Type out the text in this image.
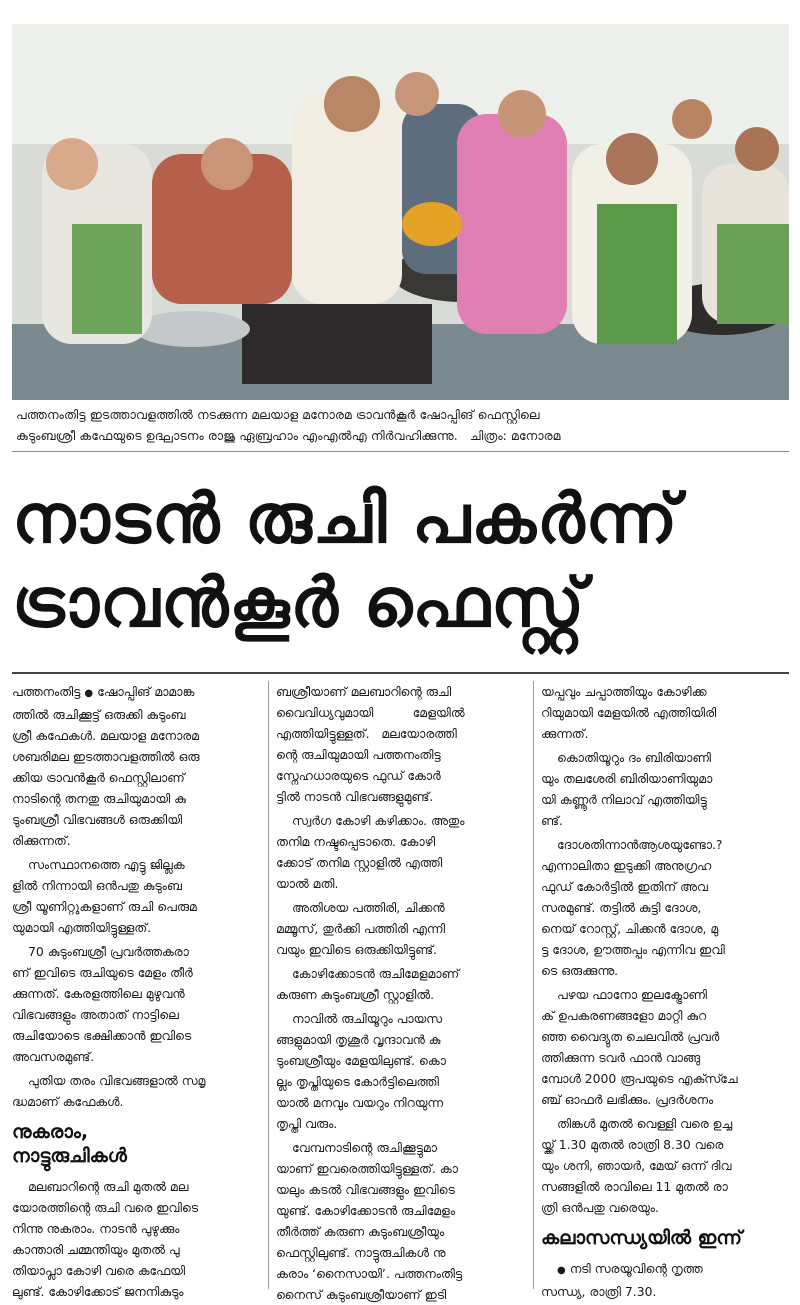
പത്തനംതിട്ട ഇടത്താവളത്തിൽ നടക്കുന്ന മലയാള മനോരമ ട്രാവൻകൂർ ഷോപ്പിങ് ഫെസ്റ്റിലെ
കുടുംബശ്രീ കഫേയുടെ ഉദ്ഘാടനം രാജു ഏബ്രഹാം എംഎൽഎ നിർവഹിക്കുന്നു. ചിത്രം: മനോരമ
നാടൻ രുചി പകർന്ന്
ട്രാവൻകൂർ ഫെസ്റ്റ്

പത്തനംതിട്ട ● ഷോപ്പിങ് മാമാങ്ക
ത്തിൽ രുചിക്കൂട്ട് ഒരുക്കി കുടുംബ
ശ്രീ കഫേകൾ. മലയാള മനോരമ
ശബരിമല ഇടത്താവളത്തിൽ ഒരു
ക്കിയ ട്രാവൻകൂർ ഫെസ്റ്റിലാണ്
നാടിന്റെ തനതു രുചിയുമായി കു
ടുംബശ്രീ വിഭവങ്ങൾ ഒരുക്കിയി
രിക്കുന്നത്.

സംസ്ഥാനത്തെ എട്ടു ജില്ലക
ളിൽ നിന്നായി ഒൻപതു കുടുംബ
ശ്രീ യൂണിറ്റുകളാണ് രുചി പെരുമ
യുമായി എത്തിയിട്ടുള്ളത്.

70 കുടുംബശ്രീ പ്രവർത്തകരാ
ണ് ഇവിടെ രുചിയുടെ മേളം തീർ
ക്കുന്നത്. കേരളത്തിലെ മുഴുവൻ
വിഭവങ്ങളും അതാത് നാട്ടിലെ
രുചിയോടെ ഭക്ഷിക്കാൻ ഇവിടെ
അവസരമുണ്ട്.

പുതിയ തരം വിഭവങ്ങളാൽ സമൃ
ദ്ധമാണ് കഫേകൾ.

നുകരാം,
നാട്ടുരുചികൾ

മലബാറിന്റെ രുചി മുതൽ മല
യോരത്തിന്റെ രുചി വരെ ഇവിടെ
നിന്നു നുകരാം. നാടൻ പുഴുക്കും
കാന്താരി ചമ്മന്തിയും മുതൽ പു
തിയാപ്ലാ കോഴി വരെ കഫേയി
ലുണ്ട്. കോഴിക്കോട് ജനനികുടും

ബശ്രീയാണ് മലബാറിന്റെ രുചി
വൈവിധ്യവുമായി          മേളയിൽ
എത്തിയിട്ടുള്ളത്.   മലയോരത്തി
ന്റെ രുചിയുമായി പത്തനംതിട്ട
സ്നേഹധാരയുടെ ഫുഡ് കോർ
ട്ടിൽ നാടൻ വിഭവങ്ങളുമുണ്ട്.

സ്വർഗ കോഴി കഴിക്കാം. അതും
തനിമ നഷ്ടപ്പെടാതെ. കോഴി
ക്കോട് തനിമ സ്റ്റാളിൽ എത്തി
യാൽ മതി.

അതിശയ പത്തിരി, ചിക്കൻ
മമ്മൂസ്, തുർക്കി പത്തിരി എന്നി
വയും ഇവിടെ ഒരുക്കിയിട്ടുണ്ട്.

കോഴിക്കോടൻ രുചിമേളമാണ്
കരുണ കുടുംബശ്രീ സ്റ്റാളിൽ.

നാവിൽ രുചിയൂറും പായസ
ങ്ങളുമായി തൃശൂർ വൃന്ദാവൻ കു
ടുംബശ്രീയും മേളയിലുണ്ട്. കൊ
ല്ലം തൃപ്തിയുടെ കോർട്ടിലെത്തി
യാൽ മനവും വയറും നിറയുന്ന
തൃപ്തി വരും.

വേമ്പനാടിന്റെ രുചിക്കൂട്ടുമാ
യാണ് ഇവരെത്തിയിട്ടുള്ളത്. കാ
യലും കടൽ വിഭവങ്ങളും ഇവിടെ
യുണ്ട്. കോഴിക്കോടൻ രുചിമേളം
തീർത്ത് കരുണ കുടുംബശ്രീയും
ഫെസ്റ്റിലുണ്ട്. നാട്ടുരുചികൾ നു
കരാം ‘നൈസായി’. പത്തനംതിട്ട
നൈസ് കുടുംബശ്രീയാണ് ഇടി

യപ്പവും ചപ്പാത്തിയും കോഴിക്ക
റിയുമായി മേളയിൽ എത്തിയിരി
ക്കുന്നത്.

കൊതിയൂറും ദം ബിരിയാണി
യും തലശേരി ബിരിയാണിയുമാ
യി കണ്ണൂർ നിലാവ് എത്തിയിട്ടു
ണ്ട്.

ദോശതിന്നാൻആശയുണ്ടോ.?
എന്നാലിതാ ഇടുക്കി അനുഗ്രഹ
ഫുഡ് കോർട്ടിൽ ഇതിന് അവ
സരമുണ്ട്. തട്ടിൽ കുട്ടി ദോശ,
നെയ് റോസ്റ്റ്, ചിക്കൻ ദോശ, മു
ട്ട ദോശ, ഊത്തപ്പം എന്നിവ ഇവി
ടെ ഒരുക്കുന്നു.

പഴയ ഫാനോ ഇലക്ട്രോണി
ക് ഉപകരണങ്ങളോ മാറ്റി കുറ
ഞ്ഞ വൈദ്യുത ചെലവിൽ പ്രവർ
ത്തിക്കുന്ന ടവർ ഫാൻ വാങ്ങു
മ്പോൾ 2000 രൂപയുടെ എക്സ്ചേ
ഞ്ച് ഓഫർ ലഭിക്കും. പ്രദർശനം

തിങ്കൾ മുതൽ വെള്ളി വരെ ഉച്ച
യ്ക്ക് 1.30 മുതൽ രാത്രി 8.30 വരെ
യും ശനി, ഞായർ, മേയ് ഒന്ന് ദിവ
സങ്ങളിൽ രാവിലെ 11 മുതൽ രാ
ത്രി ഒൻപതു വരെയും.

കലാസന്ധ്യയിൽ ഇന്ന്

● നടി സരയൂവിന്റെ നൃത്ത
സന്ധ്യ, രാത്രി 7.30.
